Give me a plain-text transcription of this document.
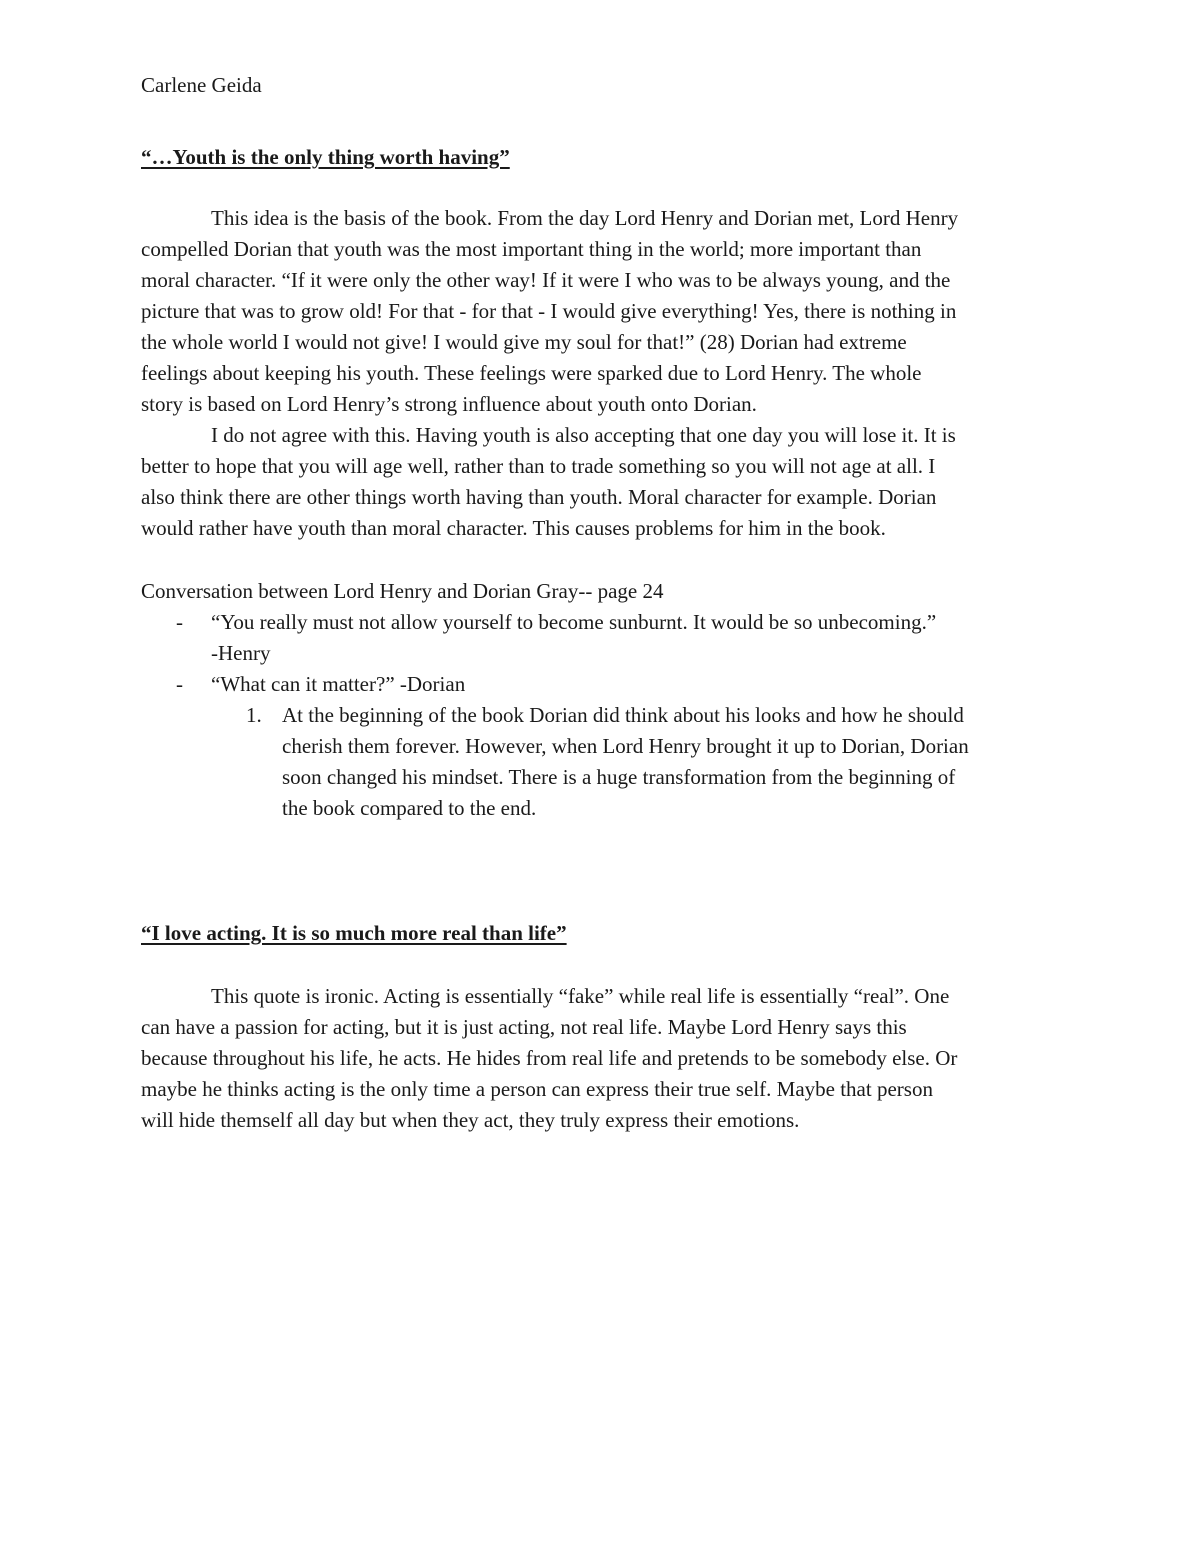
Carlene Geida

“…Youth is the only thing worth having”

This idea is the basis of the book. From the day Lord Henry and Dorian met, Lord Henry

compelled Dorian that youth was the most important thing in the world; more important than

moral character. “If it were only the other way! If it were I who was to be always young, and the

picture that was to grow old! For that - for that - I would give everything! Yes, there is nothing in

the whole world I would not give! I would give my soul for that!” (28) Dorian had extreme

feelings about keeping his youth. These feelings were sparked due to Lord Henry. The whole

story is based on Lord Henry’s strong influence about youth onto Dorian.

I do not agree with this. Having youth is also accepting that one day you will lose it. It is

better to hope that you will age well, rather than to trade something so you will not age at all. I

also think there are other things worth having than youth. Moral character for example. Dorian

would rather have youth than moral character. This causes problems for him in the book.

Conversation between Lord Henry and Dorian Gray-- page 24

- “You really must not allow yourself to become sunburnt. It would be so unbecoming.”

-Henry

- “What can it matter?” -Dorian

1. At the beginning of the book Dorian did think about his looks and how he should

cherish them forever. However, when Lord Henry brought it up to Dorian, Dorian

soon changed his mindset. There is a huge transformation from the beginning of

the book compared to the end.

“I love acting. It is so much more real than life”

This quote is ironic. Acting is essentially “fake” while real life is essentially “real”. One

can have a passion for acting, but it is just acting, not real life. Maybe Lord Henry says this

because throughout his life, he acts. He hides from real life and pretends to be somebody else. Or

maybe he thinks acting is the only time a person can express their true self. Maybe that person

will hide themself all day but when they act, they truly express their emotions.
